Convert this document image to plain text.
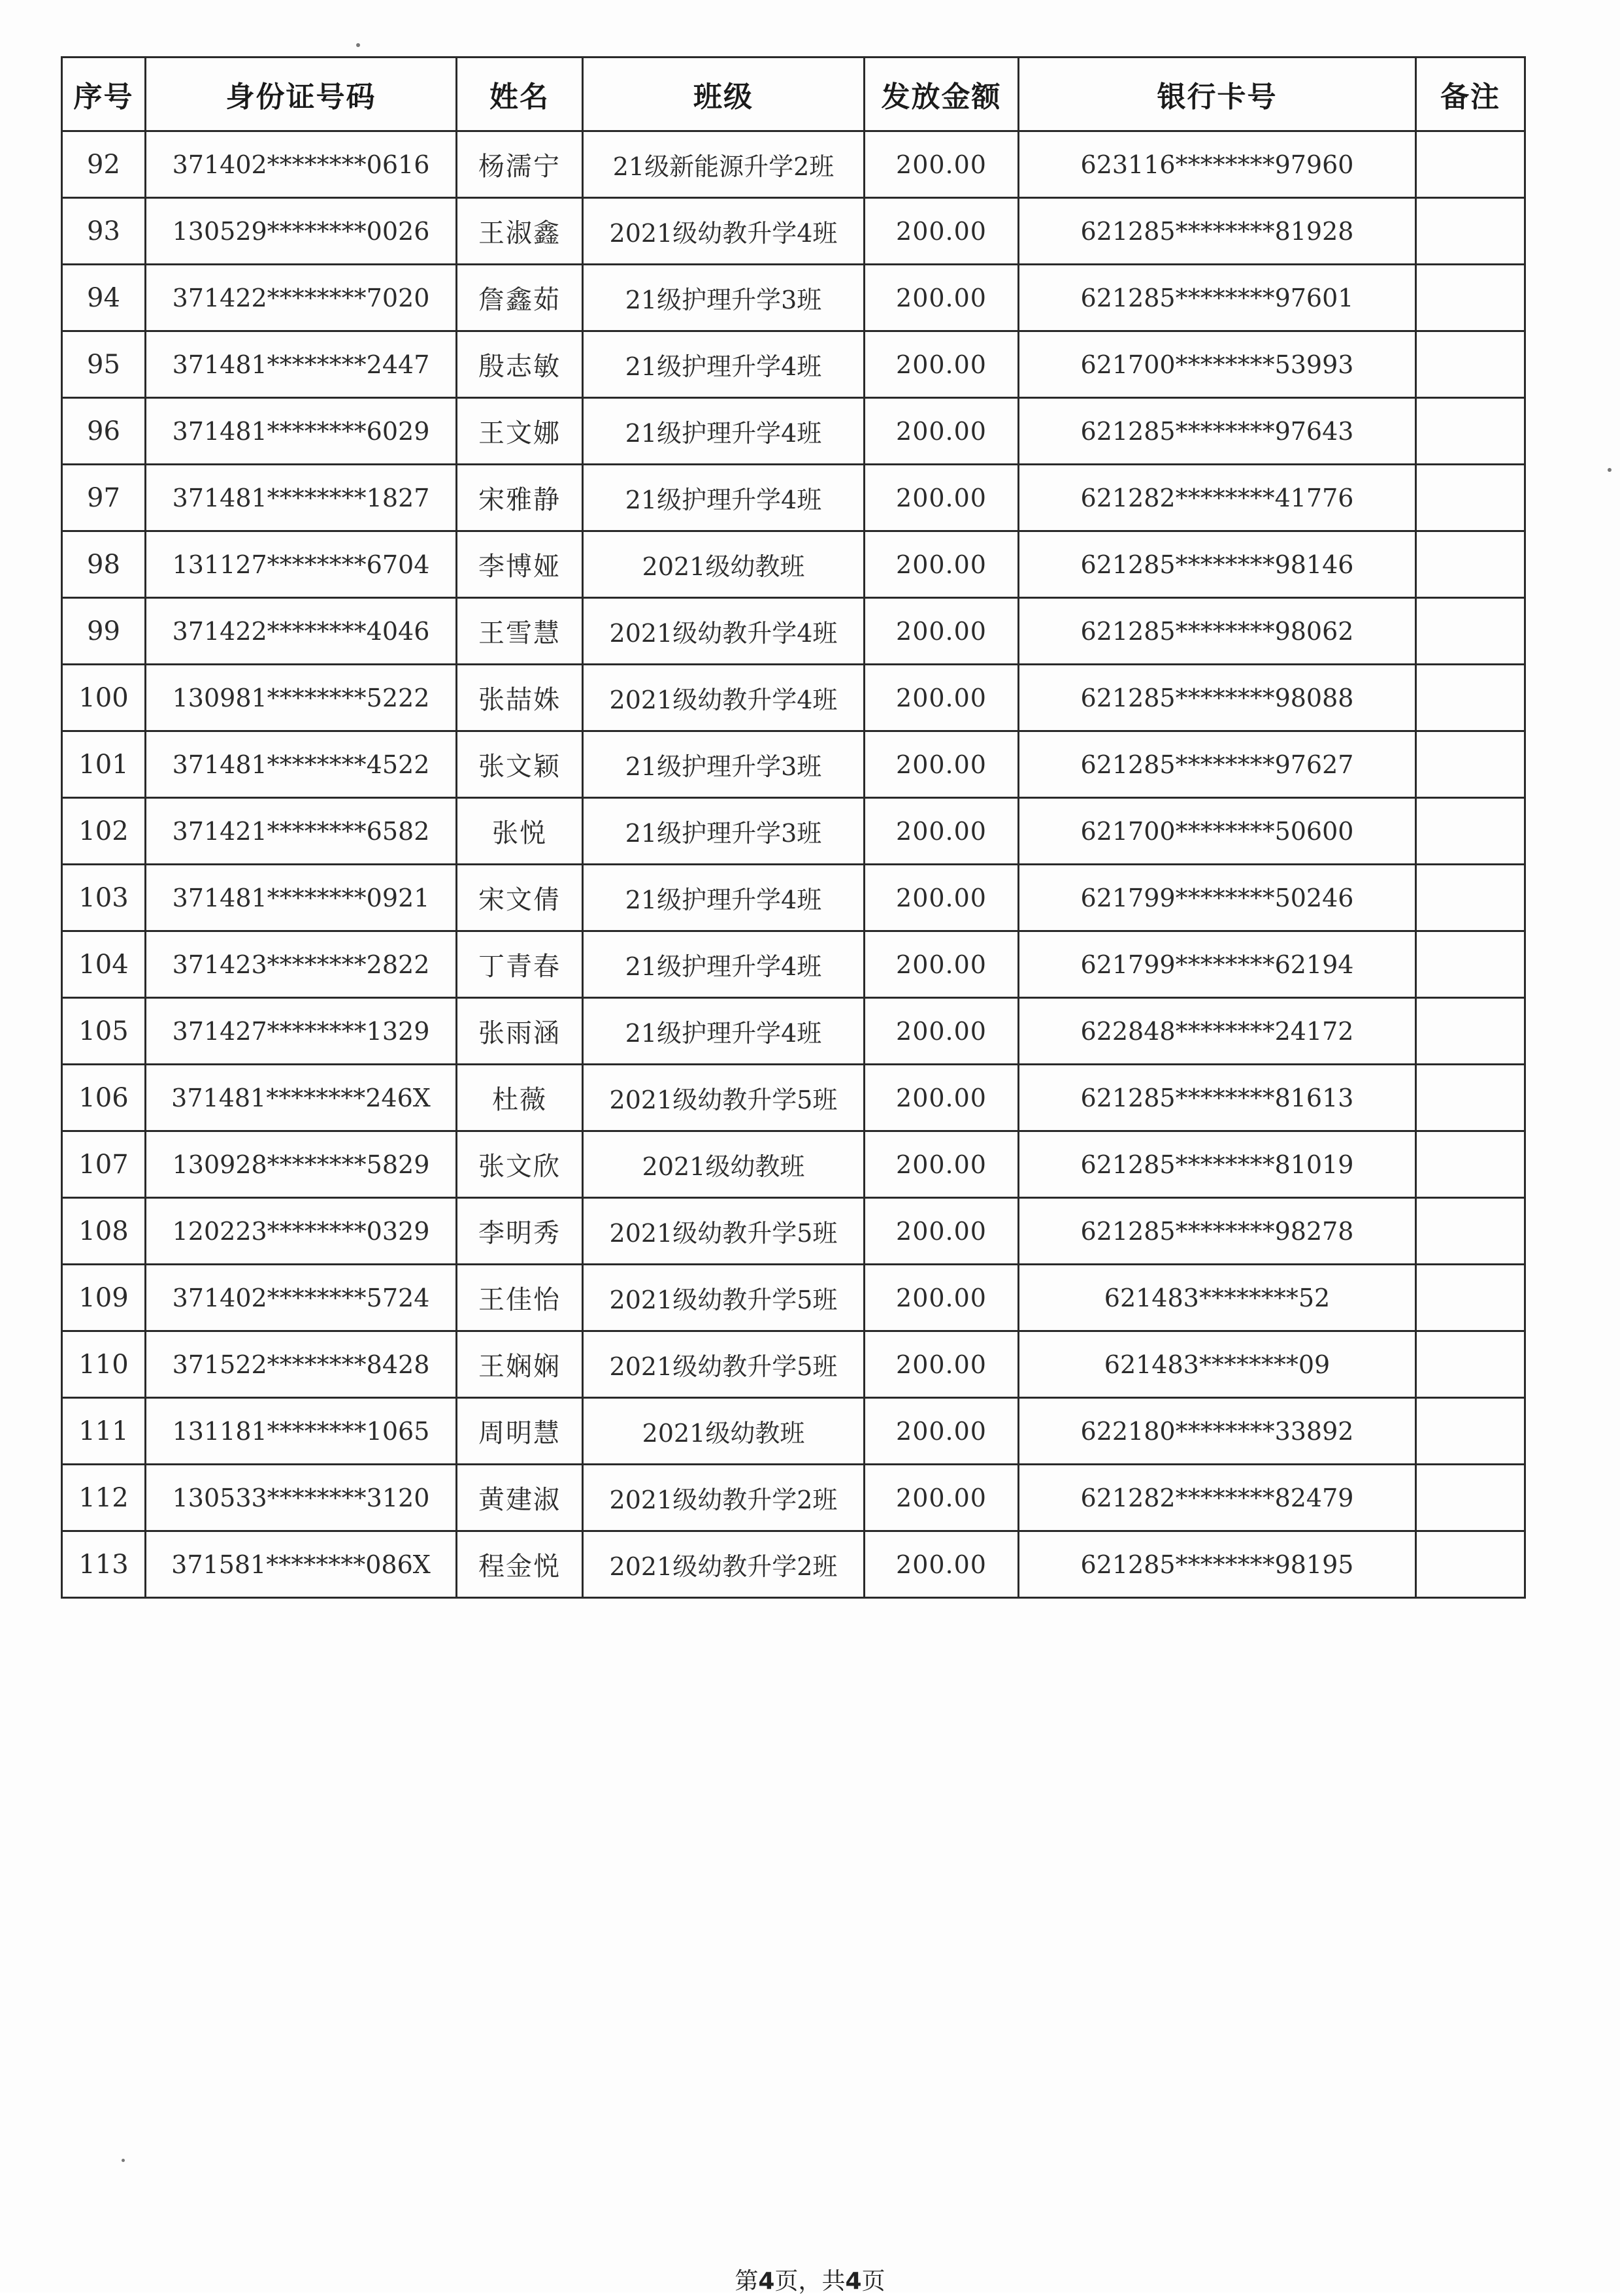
序号	身份证号码	姓名	班级	发放金额	银行卡号	备注
92	371402********0616	杨濡宁	21级新能源升学2班	200.00	623116********97960	
93	130529********0026	王淑鑫	2021级幼教升学4班	200.00	621285********81928	
94	371422********7020	詹鑫茹	21级护理升学3班	200.00	621285********97601	
95	371481********2447	殷志敏	21级护理升学4班	200.00	621700********53993	
96	371481********6029	王文娜	21级护理升学4班	200.00	621285********97643	
97	371481********1827	宋雅静	21级护理升学4班	200.00	621282********41776	
98	131127********6704	李博娅	2021级幼教班	200.00	621285********98146	
99	371422********4046	王雪慧	2021级幼教升学4班	200.00	621285********98062	
100	130981********5222	张喆姝	2021级幼教升学4班	200.00	621285********98088	
101	371481********4522	张文颖	21级护理升学3班	200.00	621285********97627	
102	371421********6582	张悦	21级护理升学3班	200.00	621700********50600	
103	371481********0921	宋文倩	21级护理升学4班	200.00	621799********50246	
104	371423********2822	丁青春	21级护理升学4班	200.00	621799********62194	
105	371427********1329	张雨涵	21级护理升学4班	200.00	622848********24172	
106	371481********246X	杜薇	2021级幼教升学5班	200.00	621285********81613	
107	130928********5829	张文欣	2021级幼教班	200.00	621285********81019	
108	120223********0329	李明秀	2021级幼教升学5班	200.00	621285********98278	
109	371402********5724	王佳怡	2021级幼教升学5班	200.00	621483********52	
110	371522********8428	王娴娴	2021级幼教升学5班	200.00	621483********09	
111	131181********1065	周明慧	2021级幼教班	200.00	622180********33892	
112	130533********3120	黄建淑	2021级幼教升学2班	200.00	621282********82479	
113	371581********086X	程金悦	2021级幼教升学2班	200.00	621285********98195	
第4页，共4页
